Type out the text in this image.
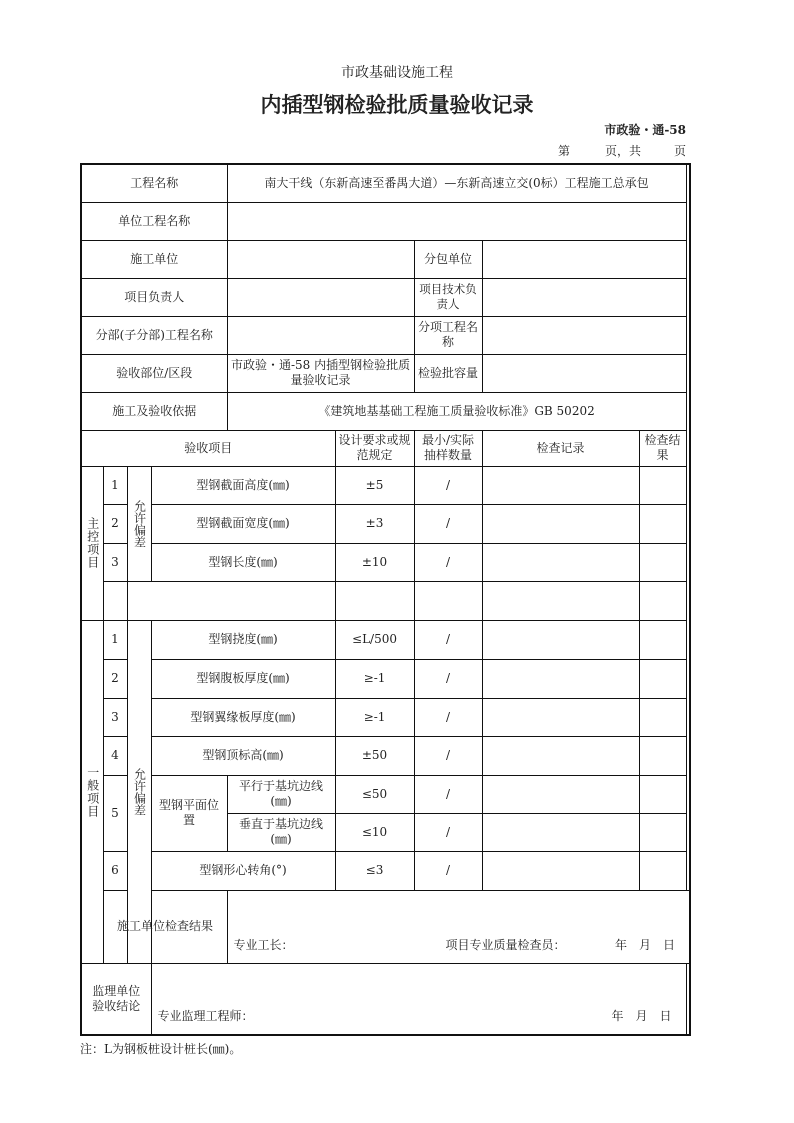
市政基础设施工程
内插型钢检验批质量验收记录
市政验・通-58
第	页，共	页
工程名称				南大干线（东新高速至番禺大道）—东新高速立交(0标）工程施工总承包				
单位工程名称								
施工单位						分包单位		
项目负责人						项目技术负责人		
分部(子分部)工程名称						分项工程名称		
验收部位/区段				市政验・通-58 内插型钢检验批质量验收记录		检验批容量		
施工及验收依据				《建筑地基基础工程施工质量验收标准》GB 50202				
验收项目					设计要求或规范规定	最小/实际抽样数量	检查记录	检查结果
主控项目	1	允许偏差	型钢截面高度(㎜)		±5	/		
	2		型钢截面宽度(㎜)		±3	/		
	3		型钢长度(㎜)		±10	/		

一般项目	1	允许偏差	型钢挠度(㎜)		≤L/500	/		
	2		型钢腹板厚度(㎜)		≥-1	/		
	3		型钢翼缘板厚度(㎜)		≥-1	/		
	4		型钢顶标高(㎜)		±50	/		
	5		型钢平面位置	平行于基坑边线(㎜)	≤50	/		
				垂直于基坑边线(㎜)	≤10	/		
	6		型钢形心转角(°)		≤3	/		
	施工单位检查结果			专业工长： 项目专业质量检查员： 年　月　日				

监理单位验收结论			专业监理工程师： 年　月　日					
注：L为钢板桩设计桩长(㎜)。
